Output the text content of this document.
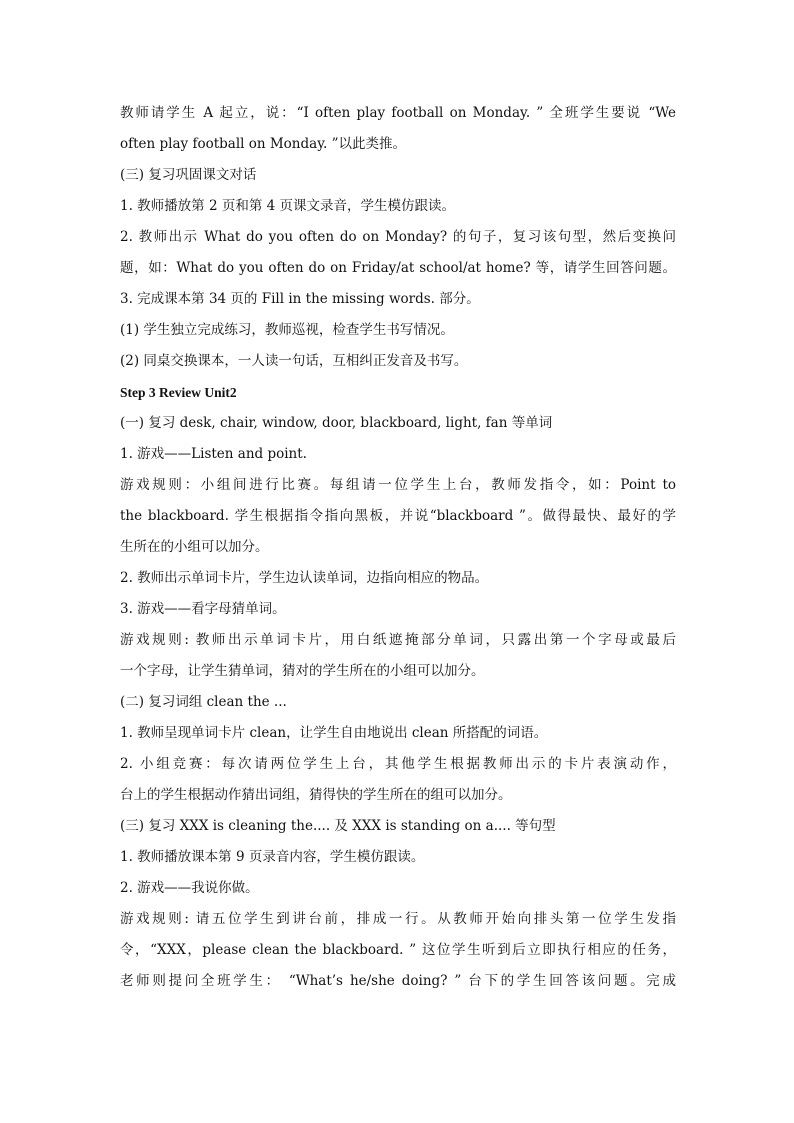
教师请学生 A 起立，说：“I often play football on Monday. ” 全班学生要说 “We
often play football on Monday. ”以此类推。
(三) 复习巩固课文对话
1. 教师播放第 2 页和第 4 页课文录音，学生模仿跟读。
2. 教师出示 What do you often do on Monday? 的句子，复习该句型，然后变换问
题，如：What do you often do on Friday/at school/at home? 等，请学生回答问题。
3. 完成课本第 34 页的 Fill in the missing words. 部分。
(1) 学生独立完成练习，教师巡视，检查学生书写情况。
(2) 同桌交换课本，一人读一句话，互相纠正发音及书写。
Step 3 Review Unit2
(一) 复习 desk, chair, window, door, blackboard, light, fan 等单词
1. 游戏——Listen and point.
游戏规则：小组间进行比赛。每组请一位学生上台，教师发指令，如：Point to
the blackboard. 学生根据指令指向黑板，并说“blackboard ”。做得最快、最好的学
生所在的小组可以加分。
2. 教师出示单词卡片，学生边认读单词，边指向相应的物品。
3. 游戏——看字母猜单词。
游戏规则: 教师出示单词卡片，用白纸遮掩部分单词，只露出第一个字母或最后
一个字母，让学生猜单词，猜对的学生所在的小组可以加分。
(二) 复习词组 clean the ...
1. 教师呈现单词卡片 clean，让学生自由地说出 clean 所搭配的词语。
2. 小组竞赛：每次请两位学生上台，其他学生根据教师出示的卡片表演动作，
台上的学生根据动作猜出词组，猜得快的学生所在的组可以加分。
(三) 复习 XXX is cleaning the.... 及 XXX is standing on a.... 等句型
1. 教师播放课本第 9 页录音内容，学生模仿跟读。
2. 游戏——我说你做。
游戏规则: 请五位学生到讲台前，排成一行。从教师开始向排头第一位学生发指
令，“XXX，please clean the blackboard. ” 这位学生听到后立即执行相应的任务，
老师则提问全班学生： “What’s he/she doing? ” 台下的学生回答该问题。完成
